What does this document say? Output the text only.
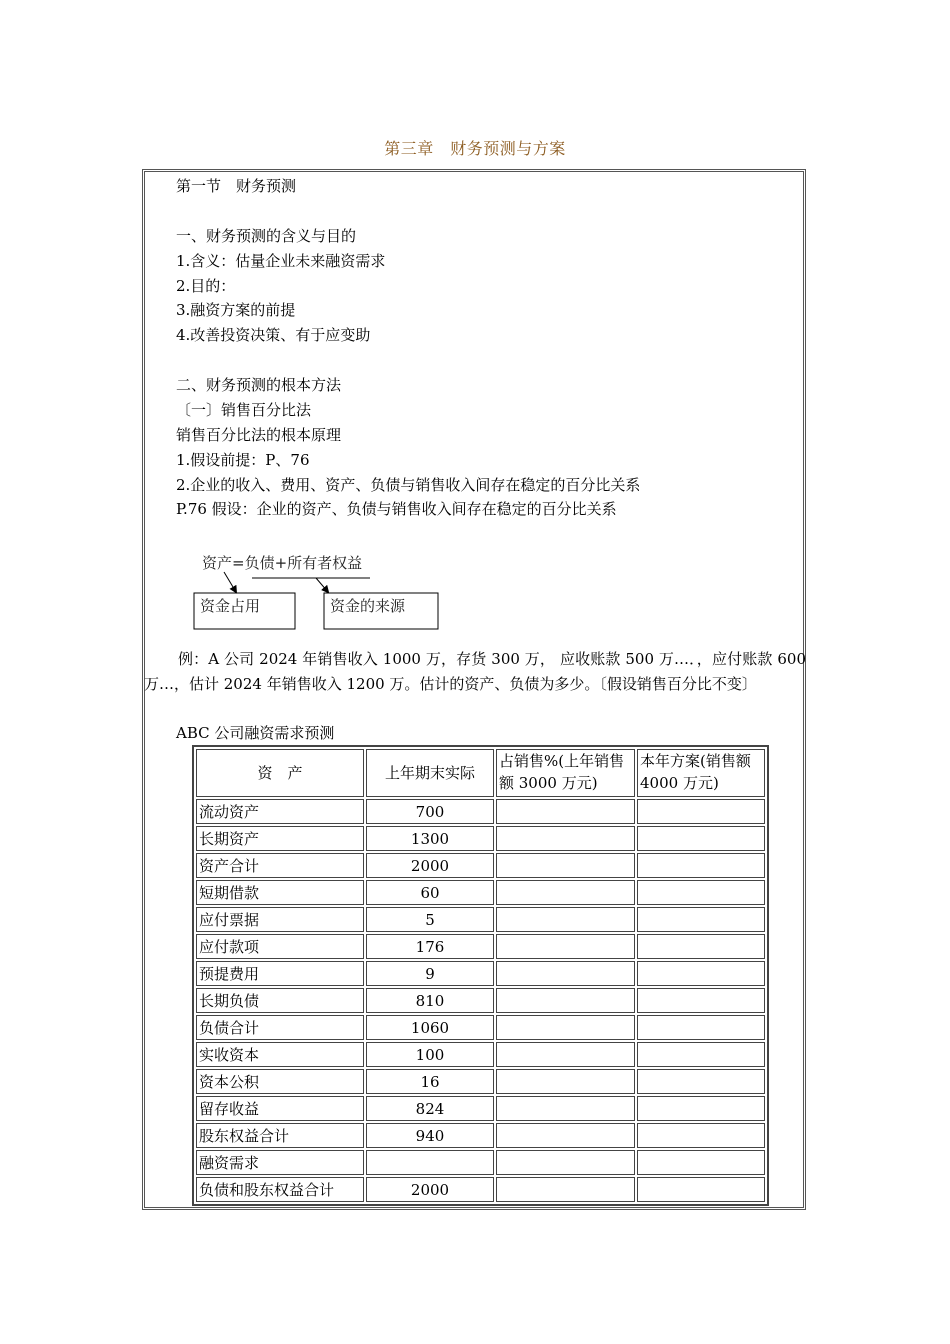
第三章　财务预测与方案
第一节　财务预测
一、财务预测的含义与目的
1.含义：估量企业未来融资需求
2.目的：
3.融资方案的前提
4.改善投资决策、有于应变助
二、财务预测的根本方法
〔一〕销售百分比法
销售百分比法的根本原理
1.假设前提：P、76
2.企业的收入、费用、资产、负债与销售收入间存在稳定的百分比关系
P.76 假设：企业的资产、负债与销售收入间存在稳定的百分比关系
资产=负债+所有者权益
资金占用	资金的来源
例：A 公司 2024 年销售收入 1000 万，存货 300 万， 应收账款 500 万…．，应付账款 600 万…，估计 2024 年销售收入 1200 万。估计的资产、负债为多少。〔假设销售百分比不变〕
ABC 公司融资需求预测
资　产	上年期末实际	占销售%(上年销售额 3000 万元)	本年方案(销售额 4000 万元)
流动资产	700		
长期资产	1300		
资产合计	2000		
短期借款	60		
应付票据	5		
应付款项	176		
预提费用	9		
长期负债	810		
负债合计	1060		
实收资本	100		
资本公积	16		
留存收益	824		
股东权益合计	940		
融资需求			
负债和股东权益合计	2000		
